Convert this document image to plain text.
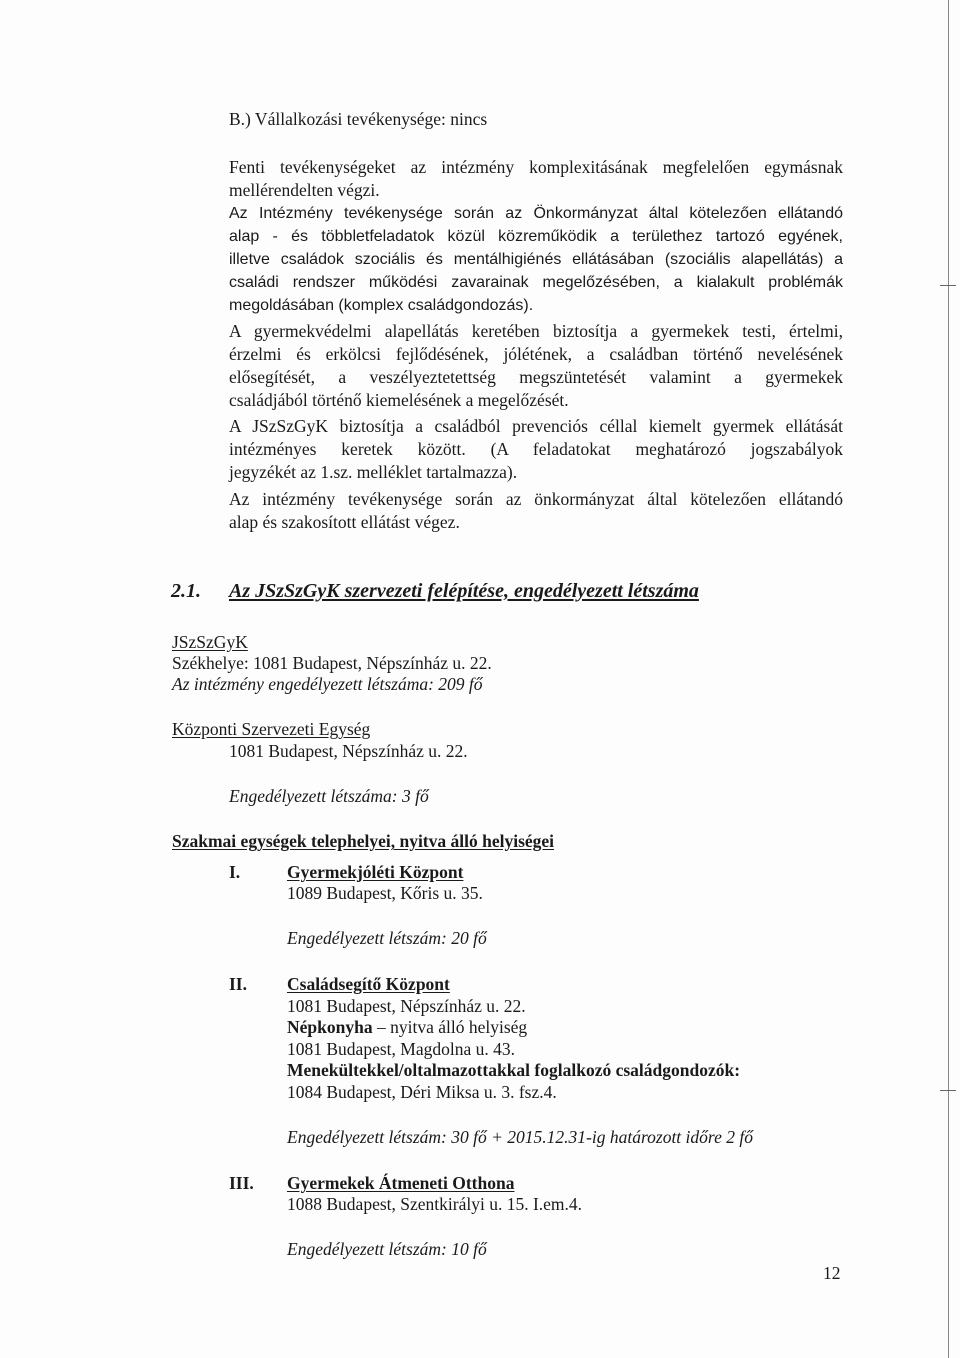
B.) Vállalkozási tevékenysége: nincs

Fenti tevékenységeket az intézmény komplexitásának megfelelően egymásnak
mellérendelten végzi.

Az Intézmény tevékenysége során az Önkormányzat által kötelezően ellátandó
alap - és többletfeladatok közül közreműködik a területhez tartozó egyének,
illetve családok szociális és mentálhigiénés ellátásában (szociális alapellátás) a
családi rendszer működési zavarainak megelőzésében, a kialakult problémák
megoldásában (komplex családgondozás).

A gyermekvédelmi alapellátás keretében biztosítja a gyermekek testi, értelmi,
érzelmi és erkölcsi fejlődésének, jólétének, a családban történő nevelésének
elősegítését, a veszélyeztetettség megszüntetését valamint a gyermekek
családjából történő kiemelésének a megelőzését.

A JSzSzGyK biztosítja a családból prevenciós céllal kiemelt gyermek ellátását
intézményes keretek között. (A feladatokat meghatározó jogszabályok
jegyzékét az 1.sz. melléklet tartalmazza).

Az intézmény tevékenysége során az önkormányzat által kötelezően ellátandó
alap és szakosított ellátást végez.

2.1. Az JSzSzGyK szervezeti felépítése, engedélyezett létszáma
JSzSzGyK
Székhelye: 1081 Budapest, Népszínház u. 22.
Az intézmény engedélyezett létszáma: 209 fő
Központi Szervezeti Egység
1081 Budapest, Népszínház u. 22.
Engedélyezett létszáma: 3 fő
Szakmai egységek telephelyei, nyitva álló helyiségei
I.	Gyermekjóléti Központ
1089 Budapest, Kőris u. 35.
Engedélyezett létszám: 20 fő
II. Családsegítő Központ
1081 Budapest, Népszínház u. 22.
Népkonyha – nyitva álló helyiség
1081 Budapest, Magdolna u. 43.
Menekültekkel/oltalmazottakkal foglalkozó családgondozók:
1084 Budapest, Déri Miksa u. 3. fsz.4.
Engedélyezett létszám: 30 fő + 2015.12.31-ig határozott időre 2 fő
III. Gyermekek Átmeneti Otthona
1088 Budapest, Szentkirályi u. 15. I.em.4.
Engedélyezett létszám: 10 fő
12
